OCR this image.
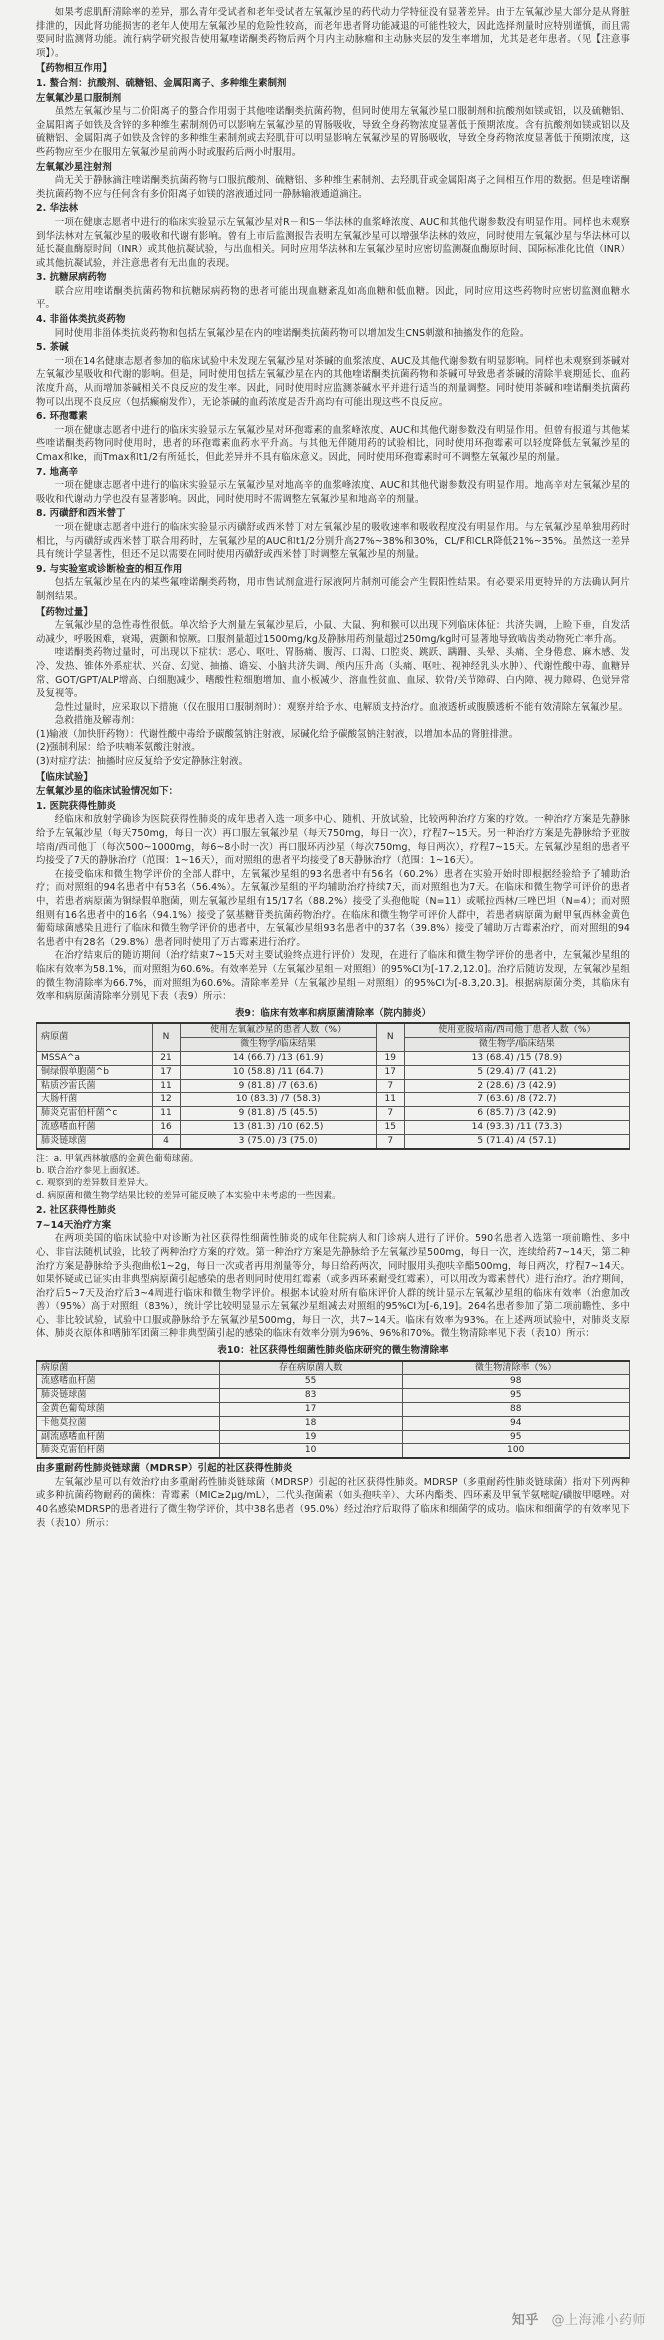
如果考虑肌酐清除率的差异，那么青年受试者和老年受试者左氧氟沙星的药代动力学特征没有显著差异。由于左氧氟沙星大部分是从肾脏排泄的，因此肾功能损害的老年人使用左氧氟沙星的危险性较高，而老年患者肾功能减退的可能性较大，因此选择剂量时应特别谨慎，而且需要同时监测肾功能。流行病学研究报告使用氟喹诺酮类药物后两个月内主动脉瘤和主动脉夹层的发生率增加，尤其是老年患者。（见【注意事项】）。

【药物相互作用】
1. 螯合剂：抗酸剂、硫糖铝、金属阳离子、多种维生素制剂
左氧氟沙星口服制剂

虽然左氧氟沙星与二价阳离子的螯合作用弱于其他喹诺酮类抗菌药物，但同时使用左氧氟沙星口服制剂和抗酸剂如镁或铝，以及硫糖铝、金属阳离子如铁及含锌的多种维生素制剂仍可以影响左氧氟沙星的胃肠吸收，导致全身药物浓度显著低于预期浓度。含有抗酸剂如镁或铝以及硫糖铝、金属阳离子如铁及含锌的多种维生素制剂或去羟肌苷可以明显影响左氧氟沙星的胃肠吸收，导致全身药物浓度显著低于预期浓度，这些药物应至少在服用左氧氟沙星前两小时或服药后两小时服用。

左氧氟沙星注射剂

尚无关于静脉滴注喹诺酮类抗菌药物与口服抗酸剂、硫糖铝、多种维生素制剂、去羟肌苷或金属阳离子之间相互作用的数据。但是喹诺酮类抗菌药物不应与任何含有多价阳离子如镁的溶液通过同一静脉输液通道滴注。

2. 华法林

一项在健康志愿者中进行的临床实验显示左氧氟沙星对R－和S－华法林的血浆峰浓度、AUC和其他代谢参数没有明显作用。同样也未观察到华法林对左氧氟沙星的吸收和代谢有影响。曾有上市后监测报告表明左氧氟沙星可以增强华法林的效应，同时使用左氧氟沙星与华法林可以延长凝血酶原时间（INR）或其他抗凝试验，与出血相关。同时应用华法林和左氧氟沙星时应密切监测凝血酶原时间、国际标准化比值（INR）或其他抗凝试验，并注意患者有无出血的表现。

3. 抗糖尿病药物

联合应用喹诺酮类抗菌药物和抗糖尿病药物的患者可能出现血糖紊乱如高血糖和低血糖。因此，同时应用这些药物时应密切监测血糖水平。

4. 非甾体类抗炎药物

同时使用非甾体类抗炎药物和包括左氧氟沙星在内的喹诺酮类抗菌药物可以增加发生CNS刺激和抽搐发作的危险。

5. 茶碱

一项在14名健康志愿者参加的临床试验中未发现左氧氟沙星对茶碱的血浆浓度、AUC及其他代谢参数有明显影响。同样也未观察到茶碱对左氧氟沙星吸收和代谢的影响。但是，同时使用包括左氧氟沙星在内的其他喹诺酮类抗菌药物和茶碱可导致患者茶碱的清除半衰期延长、血药浓度升高，从而增加茶碱相关不良反应的发生率。因此，同时使用时应监测茶碱水平并进行适当的剂量调整。同时使用茶碱和喹诺酮类抗菌药物可以出现不良反应（包括癫痫发作），无论茶碱的血药浓度是否升高均有可能出现这些不良反应。

6. 环孢霉素

一项在健康志愿者中进行的临床实验显示左氧氟沙星对环孢霉素的血浆峰浓度、AUC和其他代谢参数没有明显作用。但曾有报道与其他某些喹诺酮类药物同时使用时，患者的环孢霉素血药水平升高。与其他无伴随用药的试验相比，同时使用环孢霉素可以轻度降低左氧氟沙星的Cmax和ke，而Tmax和t1/2有所延长，但此差异并不具有临床意义。因此，同时使用环孢霉素时可不调整左氧氟沙星的剂量。

7. 地高辛

一项在健康志愿者中进行的临床实验显示左氧氟沙星对地高辛的血浆峰浓度、AUC和其他代谢参数没有明显作用。地高辛对左氧氟沙星的吸收和代谢动力学也没有显著影响。因此，同时使用时不需调整左氧氟沙星和地高辛的剂量。

8. 丙磺舒和西米替丁

一项在健康志愿者中进行的临床实验显示丙磺舒或西米替丁对左氧氟沙星的吸收速率和吸收程度没有明显作用。与左氧氟沙星单独用药时相比，与丙磺舒或西米替丁联合用药时，左氧氟沙星的AUC和t1/2分别升高27%~38%和30%，CL/F和CLR降低21%~35%。虽然这一差异具有统计学显著性，但还不足以需要在同时使用丙磺舒或西米替丁时调整左氧氟沙星的剂量。

9. 与实验室或诊断检查的相互作用

包括左氧氟沙星在内的某些氟喹诺酮类药物，用市售试剂盒进行尿液阿片制剂可能会产生假阳性结果。有必要采用更特异的方法确认阿片制剂结果。

【药物过量】

左氧氟沙星的急性毒性很低。单次给予大剂量左氧氟沙星后，小鼠、大鼠、狗和猴可以出现下列临床体征：共济失调，上睑下垂，自发活动减少，呼吸困难，衰竭，震颤和惊厥。口服剂量超过1500mg/kg及静脉用药剂量超过250mg/kg时可显著地导致啮齿类动物死亡率升高。

喹诺酮类药物过量时，可出现以下症状：恶心、呕吐、胃肠痛、腹泻、口渴、口腔炎、跳跃、蹒跚、头晕、头痛、全身倦怠、麻木感、发冷、发热、锥体外系症状、兴奋、幻觉、抽搐、谵妄、小脑共济失调、颅内压升高（头痛、呕吐、视神经乳头水肿）、代谢性酸中毒、血糖异常、GOT/GPT/ALP增高、白细胞减少、嗜酸性粒细胞增加、血小板减少、溶血性贫血、血尿、软骨/关节障碍、白内障、视力障碍、色觉异常及复视等。

急性过量时，应采取以下措施（仅在服用口服制剂时）：观察并给予水、电解质支持治疗。血液透析或腹膜透析不能有效清除左氧氟沙星。

急救措施及解毒剂：

(1)输液（加快肝药物）：代谢性酸中毒给予碳酸氢钠注射液，尿碱化给予碳酸氢钠注射液，以增加本品的肾脏排泄。
(2)强制利尿：给予呋喃苯氨酸注射液。
(3)对症疗法：抽搐时应反复给予安定静脉注射液。
【临床试验】
左氧氟沙星的临床试验情况如下：
1. 医院获得性肺炎

经临床和放射学确诊为医院获得性肺炎的成年患者入选一项多中心、随机、开放试验，比较两种治疗方案的疗效。一种治疗方案是先静脉给予左氧氟沙星（每天750mg，每日一次）再口服左氧氟沙星（每天750mg，每日一次），疗程7~15天。另一种治疗方案是先静脉给予亚胺培南/西司他丁（每次500~1000mg，每6~8小时一次）再口服环丙沙星（每次750mg，每日两次），疗程7~15天。左氧氟沙星组的患者平均接受了7天的静脉治疗（范围：1~16天），而对照组的患者平均接受了8天静脉治疗（范围：1~16天）。

在接受临床和微生物学评价的全部人群中，左氧氟沙星组的93名患者中有56名（60.2%）患者在实验开始时即根据经验给予了辅助治疗；而对照组的94名患者中有53名（56.4%）。左氧氟沙星组的平均辅助治疗持续7天，而对照组也为7天。在临床和微生物学可评价的患者中，若患者病原菌为铜绿假单胞菌，则左氧氟沙星组有15/17名（88.2%）接受了头孢他啶（N=11）或哌拉西林/三唑巴坦（N=4）；而对照组则有16名患者中的16名（94.1%）接受了氨基糖苷类抗菌药物治疗。在临床和微生物学可评价人群中，若患者病原菌为耐甲氧西林金黄色葡萄球菌感染且进行了临床和微生物学评价的患者中，左氧氟沙星组93名患者中的37名（39.8%）接受了辅助万古霉素治疗，而对照组的94名患者中有28名（29.8%）患者同时使用了万古霉素进行治疗。

在治疗结束后的随访期间（治疗结束7~15天对主要试验终点进行评价）发现，在进行了临床和微生物学评价的患者中，左氧氟沙星组的临床有效率为58.1%，而对照组为60.6%。有效率差异（左氧氟沙星组－对照组）的95%CI为[-17.2,12.0]。治疗后随访发现，左氧氟沙星组的微生物清除率为66.7%，而对照组为60.6%。清除率差异（左氧氟沙星组－对照组）的95%CI为[-8.3,20.3]。根据病原菌分类，其临床有效率和病原菌清除率分别见下表（表9）所示：

表9：临床有效率和病原菌清除率（院内肺炎）
病原菌	N	使用左氧氟沙星的患者人数（%）	N	使用亚胺培南/西司他丁患者人数（%）
		微生物学/临床结果		微生物学/临床结果
MSSA^a	21	14 (66.7) /13 (61.9)	19	13 (68.4) /15 (78.9)
铜绿假单胞菌^b	17	10 (58.8) /11 (64.7)	17	5 (29.4) /7 (41.2)
粘质沙雷氏菌	11	9 (81.8) /7 (63.6)	7	2 (28.6) /3 (42.9)
大肠杆菌	12	10 (83.3) /7 (58.3)	11	7 (63.6) /8 (72.7)
肺炎克雷伯杆菌^c	11	9 (81.8) /5 (45.5)	7	6 (85.7) /3 (42.9)
流感嗜血杆菌	16	13 (81.3) /10 (62.5)	15	14 (93.3) /11 (73.3)
肺炎链球菌	4	3 (75.0) /3 (75.0)	7	5 (71.4) /4 (57.1)
注：a. 甲氧西林敏感的金黄色葡萄球菌。
b. 联合治疗参见上面叙述。
c. 观察到的差异数目差异大。
d. 病原菌和微生物学结果比较的差异可能反映了本实验中未考虑的一些因素。
2. 社区获得性肺炎
7~14天治疗方案

在两项美国的临床试验中对诊断为社区获得性细菌性肺炎的成年住院病人和门诊病人进行了评价。590名患者入选第一项前瞻性、多中心、非盲法随机试验，比较了两种治疗方案的疗效。第一种治疗方案是先静脉给予左氧氟沙星500mg，每日一次，连续给药7~14天，第二种治疗方案是静脉给予头孢曲松1~2g，每日一次或者再用剂量等分，每日给药两次，同时服用头孢呋辛酯500mg，每日两次，疗程7~14天。如果怀疑或已证实由非典型病原菌引起感染的患者则同时使用红霉素（或多西环素耐受红霉素），可以用改为霉素替代）进行治疗。治疗期间，治疗后5~7天及治疗后3~4周进行临床和微生物学评价。根据本试验对所有临床评价人群的统计显示左氧氟沙星组的临床有效率（治愈加改善）（95%）高于对照组（83%），统计学比较明显显示左氧氟沙星组减去对照组的95%CI为[-6,19]。264名患者参加了第二项前瞻性、多中心、非比较试验，试验中口服或静脉给予左氧氟沙星500mg，每日一次，共7~14天。临床有效率为93%。在上述两项试验中，对肺炎支原体、肺炎衣原体和嗜肺军团菌三种非典型菌引起的感染的临床有效率分别为96%、96%和70%。微生物清除率见下表（表10）所示：

表10：社区获得性细菌性肺炎临床研究的微生物清除率
病原菌	存在病原菌人数	微生物清除率（%）
流感嗜血杆菌	55	98
肺炎链球菌	83	95
金黄色葡萄球菌	17	88
卡他莫拉菌	18	94
副流感嗜血杆菌	19	95
肺炎克雷伯杆菌	10	100
由多重耐药性肺炎链球菌（MDRSP）引起的社区获得性肺炎

左氧氟沙星可以有效治疗由多重耐药性肺炎链球菌（MDRSP）引起的社区获得性肺炎。MDRSP（多重耐药性肺炎链球菌）指对下列两种或多种抗菌药物耐药的菌株：青霉素（MIC≥2μg/mL），二代头孢菌素（如头孢呋辛）、大环内酯类、四环素及甲氧苄氨嘧啶/磺胺甲噁唑。对40名感染MDRSP的患者进行了微生物学评价，其中38名患者（95.0%）经过治疗后取得了临床和细菌学的成功。临床和细菌学的有效率见下表（表10）所示：

知乎 @上海滩小药师
